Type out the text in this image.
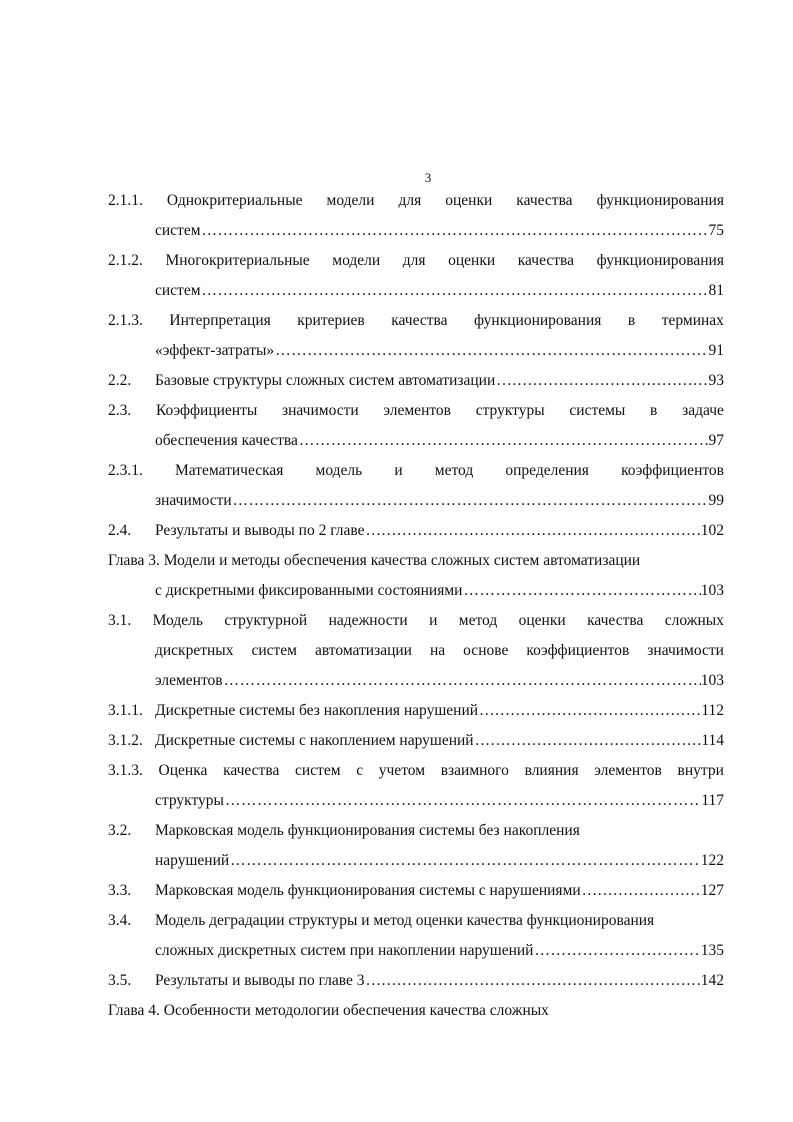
3
2.1.1. Однокритериальные модели для оценки качества функционирования
систем …………………………………………………………………………………………………………………………………………………………………………………………………	75
2.1.2. Многокритериальные модели для оценки качества функционирования
систем …………………………………………………………………………………………………………………………………………………………………………………………………	81
2.1.3. Интерпретация критериев качества функционирования в терминах
«эффект-затраты» …………………………………………………………………………………………………………………………………………………………………………………………………	91
2.2. Базовые структуры сложных систем автоматизации …………………………………………………………………………………………………………………………………………………………………………………………………	93
2.3. Коэффициенты значимости элементов структуры системы в задаче
обеспечения качества …………………………………………………………………………………………………………………………………………………………………………………………………	97
2.3.1. Математическая модель и метод определения коэффициентов
значимости …………………………………………………………………………………………………………………………………………………………………………………………………	99
2.4. Результаты и выводы по 2 главе …………………………………………………………………………………………………………………………………………………………………………………………………	102
Глава 3. Модели и методы обеспечения качества сложных систем автоматизации
с дискретными фиксированными состояниями …………………………………………………………………………………………………………………………………………………………………………………………………	103
3.1. Модель структурной надежности и метод оценки качества сложных
дискретных систем автоматизации на основе коэффициентов значимости
элементов …………………………………………………………………………………………………………………………………………………………………………………………………	103
3.1.1. Дискретные системы без накопления нарушений …………………………………………………………………………………………………………………………………………………………………………………………………	112
3.1.2. Дискретные системы с накоплением нарушений …………………………………………………………………………………………………………………………………………………………………………………………………	114
3.1.3. Оценка качества систем с учетом взаимного влияния элементов внутри
структуры …………………………………………………………………………………………………………………………………………………………………………………………………	117
3.2. Марковская модель функционирования системы без накопления
нарушений …………………………………………………………………………………………………………………………………………………………………………………………………	122
3.3. Марковская модель функционирования системы с нарушениями …………………………………………………………………………………………………………………………………………………………………………………………………	127
3.4. Модель деградации структуры и метод оценки качества функционирования
сложных дискретных систем при накоплении нарушений …………………………………………………………………………………………………………………………………………………………………………………………………	135
3.5. Результаты и выводы по главе 3 …………………………………………………………………………………………………………………………………………………………………………………………………	142
Глава 4. Особенности методологии обеспечения качества сложных
